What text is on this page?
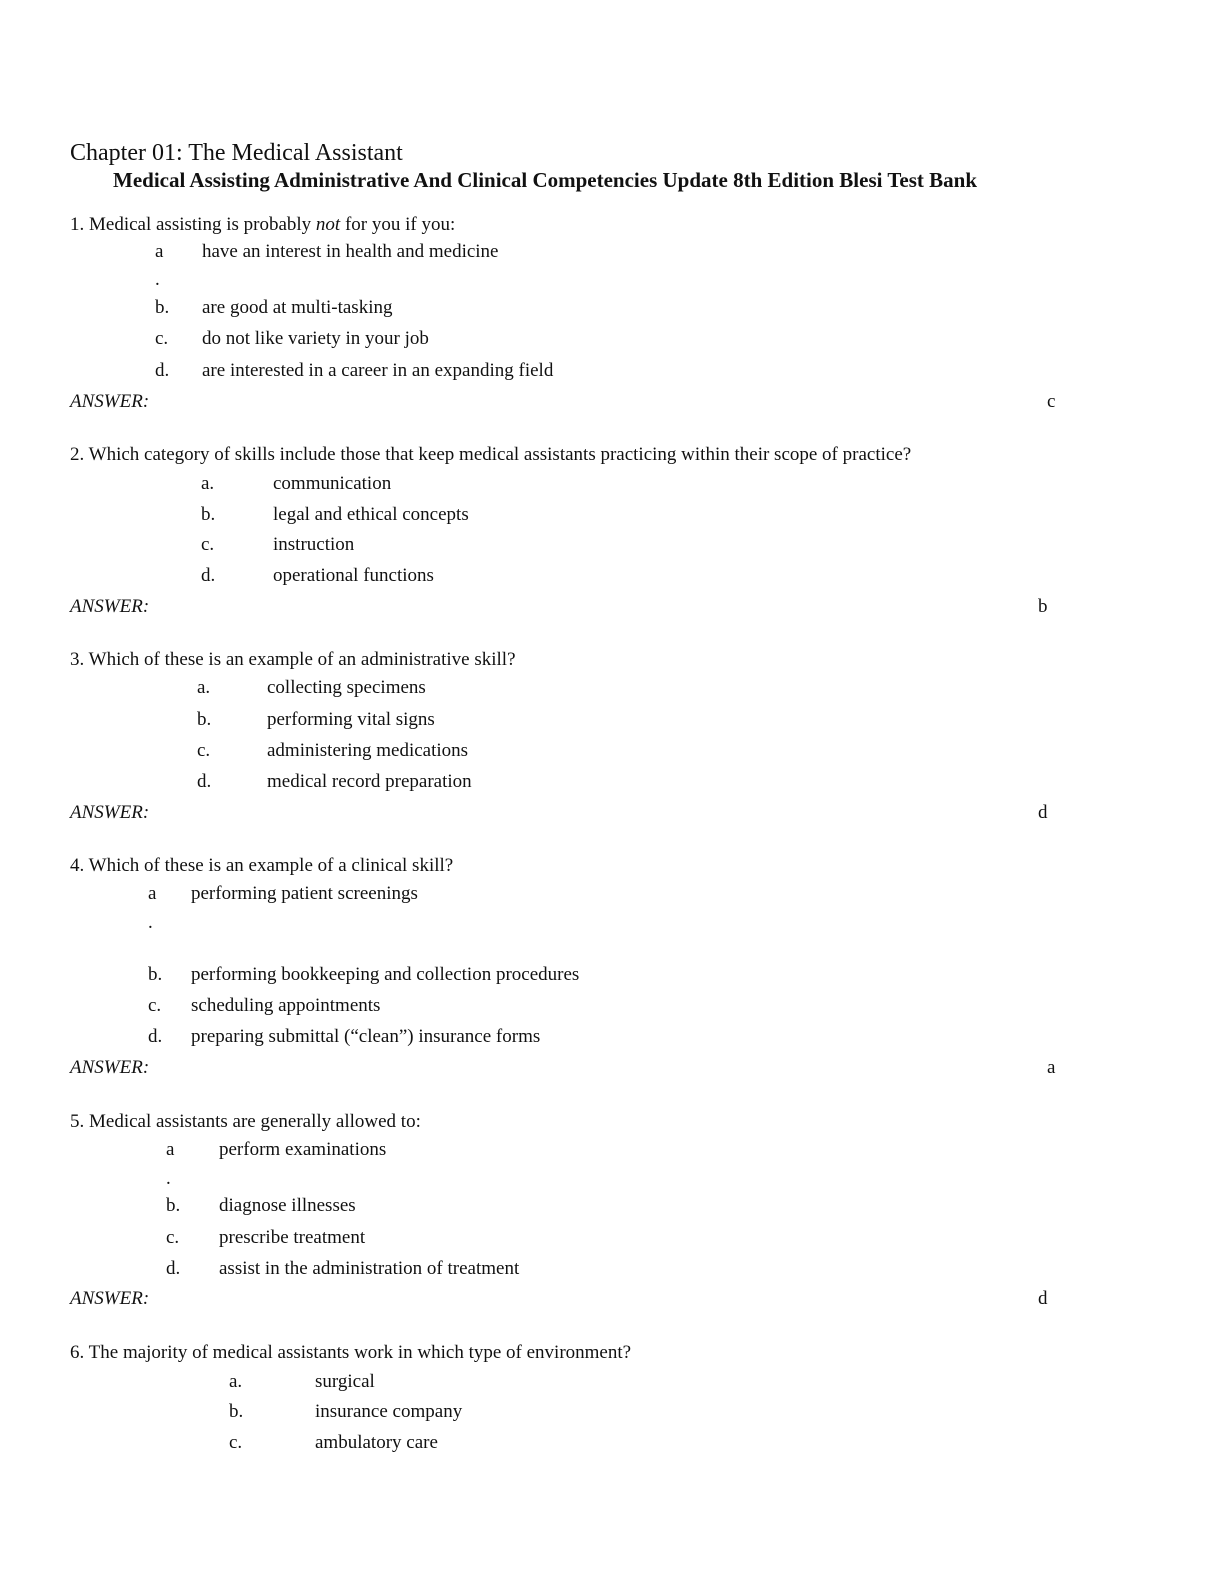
Chapter 01: The Medical Assistant
Medical Assisting Administrative And Clinical Competencies Update 8th Edition Blesi Test Bank
1. Medical assisting is probably not for you if you:
a have an interest in health and medicine
.
b. are good at multi-tasking
c. do not like variety in your job
d. are interested in a career in an expanding field
ANSWER:	c
2. Which category of skills include those that keep medical assistants practicing within their scope of practice?
a.	communication
b.	legal and ethical concepts
c.	instruction
d.	operational functions
ANSWER:	b
3. Which of these is an example of an administrative skill?
a.	collecting specimens
b.	performing vital signs
c.	administering medications
d.	medical record preparation
ANSWER:	d
4. Which of these is an example of a clinical skill?
a performing patient screenings
.
b. performing bookkeeping and collection procedures
c. scheduling appointments
d. preparing submittal (“clean”) insurance forms
ANSWER:	a
5. Medical assistants are generally allowed to:
a perform examinations
.
b. diagnose illnesses
c. prescribe treatment
d. assist in the administration of treatment
ANSWER:	d
6. The majority of medical assistants work in which type of environment?
a.	surgical
b.	insurance company
c.	ambulatory care
